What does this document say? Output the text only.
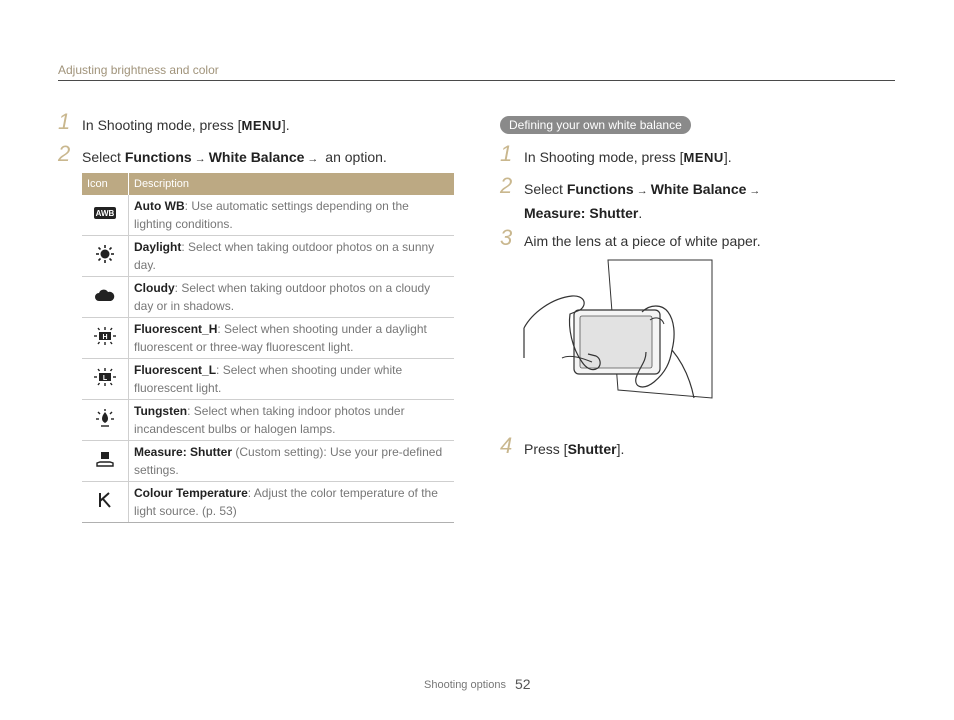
Adjusting brightness and color
1 In Shooting mode, press [MENU].
2 Select Functions → White Balance → an option.
Icon	Description

AWB	Auto WB: Use automatic settings depending on the lighting conditions.
	Daylight: Select when taking outdoor photos on a sunny day.
	Cloudy: Select when taking outdoor photos on a cloudy day or in shadows.

H	Fluorescent_H: Select when shooting under a daylight fluorescent or three-way fluorescent light.

L	Fluorescent_L: Select when shooting under white fluorescent light.
	Tungsten: Select when taking indoor photos under incandescent bulbs or halogen lamps.
	Measure: Shutter (Custom setting): Use your pre-defined settings.
	Colour Temperature: Adjust the color temperature of the light source. (p. 53)
Defining your own white balance
1 In Shooting mode, press [MENU].
2 Select Functions → White Balance →
Measure: Shutter.
3 Aim the lens at a piece of white paper.
4 Press [Shutter].
Shooting options 52
